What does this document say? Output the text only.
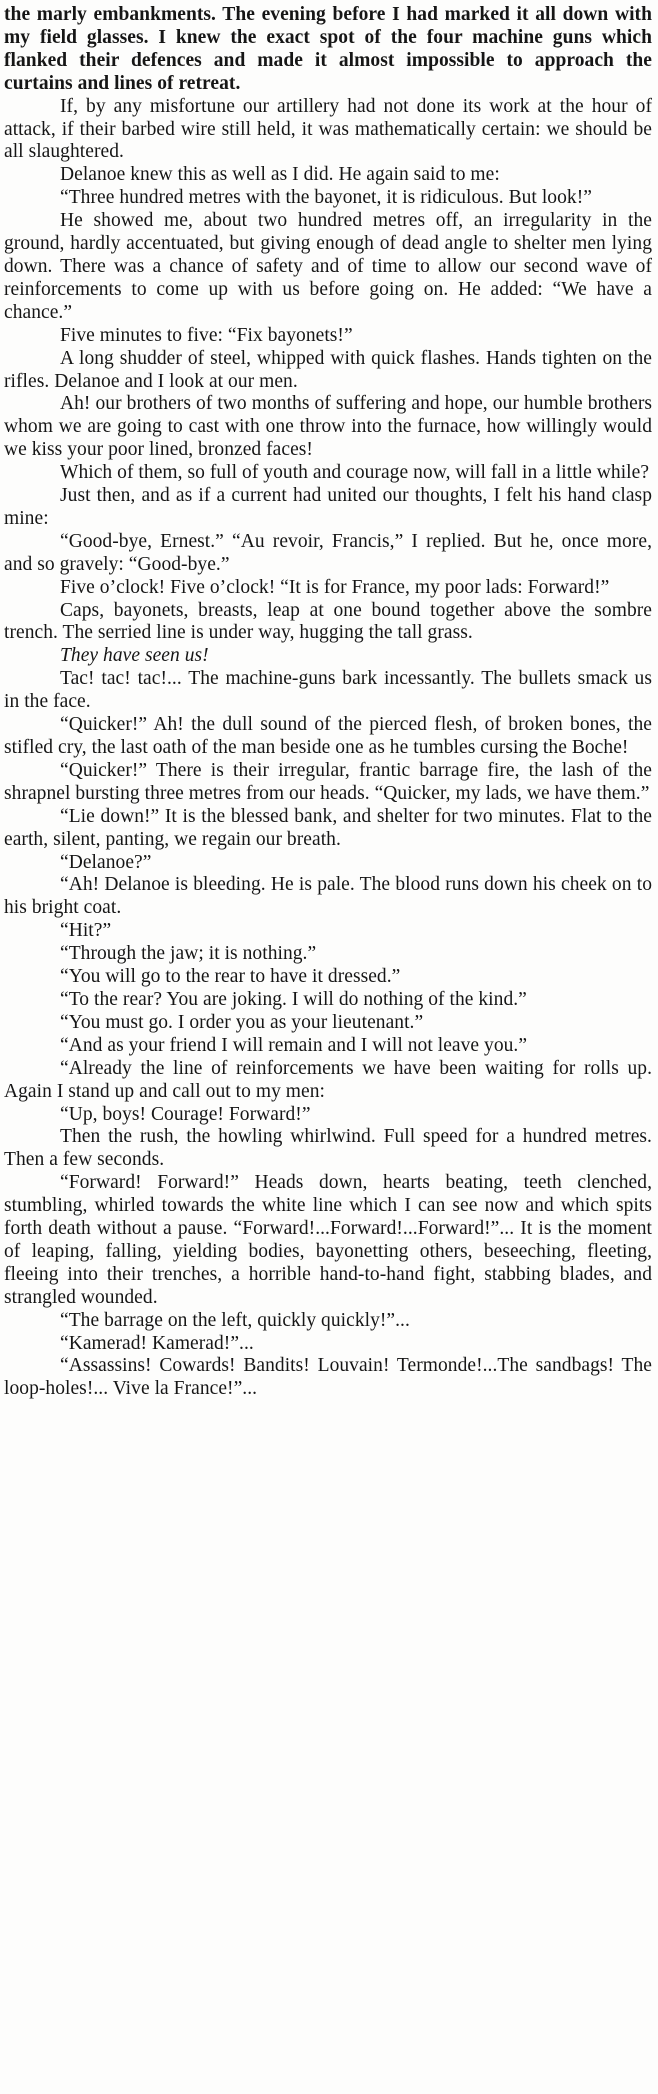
the marly embankments. The evening before I had marked it all down with my field glasses. I knew the exact spot of the four machine guns which flanked their defences and made it almost impossible to approach the curtains and lines of retreat.

If, by any misfortune our artillery had not done its work at the hour of attack, if their barbed wire still held, it was mathematically certain: we should be all slaughtered.

Delanoe knew this as well as I did. He again said to me:

“Three hundred metres with the bayonet, it is ridiculous. But look!”

He showed me, about two hundred metres off, an irregularity in the ground, hardly accentuated, but giving enough of dead angle to shelter men lying down. There was a chance of safety and of time to allow our second wave of reinforcements to come up with us before going on. He added: “We have a chance.”

Five minutes to five: “Fix bayonets!”

A long shudder of steel, whipped with quick flashes. Hands tighten on the rifles. Delanoe and I look at our men.

Ah! our brothers of two months of suffering and hope, our humble brothers whom we are going to cast with one throw into the furnace, how willingly would we kiss your poor lined, bronzed faces!

Which of them, so full of youth and courage now, will fall in a little while?

Just then, and as if a current had united our thoughts, I felt his hand clasp mine:

“Good-bye, Ernest.” “Au revoir, Francis,” I replied. But he, once more, and so gravely: “Good-bye.”

Five o’clock! Five o’clock! “It is for France, my poor lads: Forward!”

Caps, bayonets, breasts, leap at one bound together above the sombre trench. The serried line is under way, hugging the tall grass.

They have seen us!

Tac! tac! tac!... The machine-guns bark incessantly. The bullets smack us in the face.

“Quicker!” Ah! the dull sound of the pierced flesh, of broken bones, the stifled cry, the last oath of the man beside one as he tumbles cursing the Boche!

“Quicker!” There is their irregular, frantic barrage fire, the lash of the shrapnel bursting three metres from our heads. “Quicker, my lads, we have them.”

“Lie down!” It is the blessed bank, and shelter for two minutes. Flat to the earth, silent, panting, we regain our breath.

“Delanoe?”

“Ah! Delanoe is bleeding. He is pale. The blood runs down his cheek on to his bright coat.

“Hit?”

“Through the jaw; it is nothing.”

“You will go to the rear to have it dressed.”

“To the rear? You are joking. I will do nothing of the kind.”

“You must go. I order you as your lieutenant.”

“And as your friend I will remain and I will not leave you.”

“Already the line of reinforcements we have been waiting for rolls up. Again I stand up and call out to my men:

“Up, boys! Courage! Forward!”

Then the rush, the howling whirlwind. Full speed for a hundred metres. Then a few seconds.

“Forward! Forward!” Heads down, hearts beating, teeth clenched, stumbling, whirled towards the white line which I can see now and which spits forth death without a pause. “Forward!...Forward!...Forward!”... It is the moment of leaping, falling, yielding bodies, bayonetting others, beseeching, fleeting, fleeing into their trenches, a horrible hand-to-hand fight, stabbing blades, and strangled wounded.

“The barrage on the left, quickly quickly!”...

“Kamerad! Kamerad!”...

“Assassins! Cowards! Bandits! Louvain! Termonde!...The sandbags! The loop-holes!... Vive la France!”...
